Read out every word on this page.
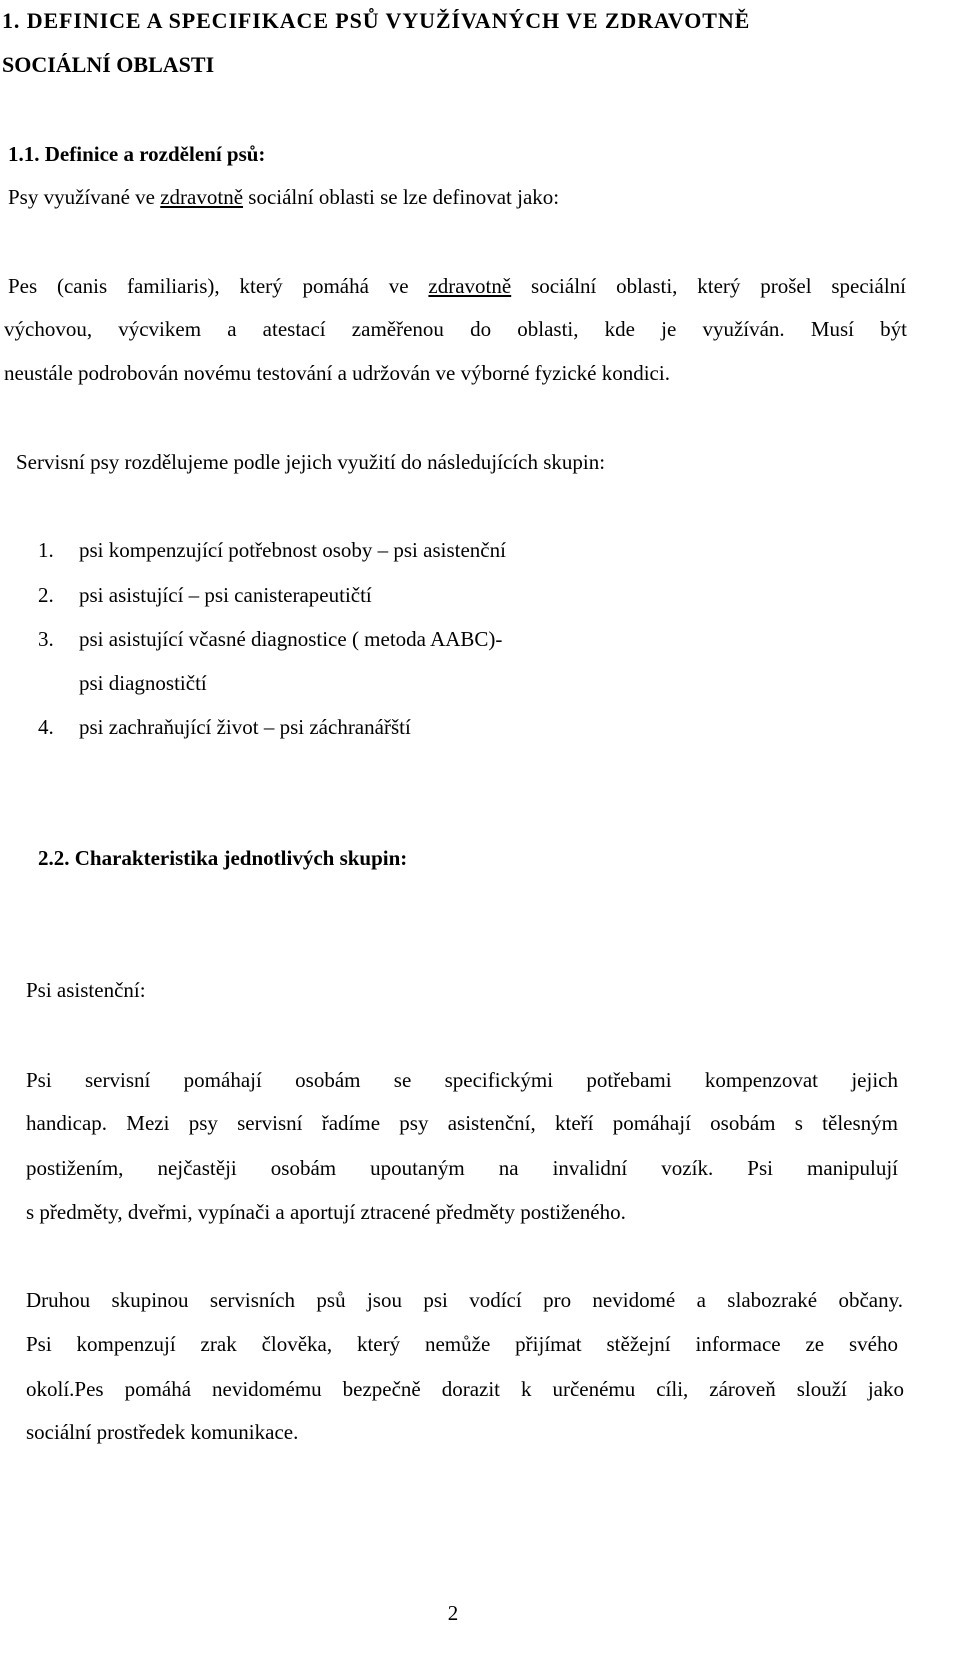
1. DEFINICE A SPECIFIKACE PSŮ VYUŽÍVANÝCH VE ZDRAVOTNĚ
SOCIÁLNÍ OBLASTI
1.1. Definice a rozdělení psů:
Psy využívané ve zdravotně sociální oblasti se lze definovat jako:
Pes (canis familiaris), který pomáhá ve zdravotně sociální oblasti, který prošel speciální
výchovou, výcvikem a atestací zaměřenou do oblasti, kde je využíván. Musí být
neustále podrobován novému testování a udržován ve výborné fyzické kondici.
Servisní psy rozdělujeme podle jejich využití do následujících skupin:
1. psi kompenzující potřebnost osoby – psi asistenční
2. psi asistující – psi canisterapeutičtí
3. psi asistující včasné diagnostice ( metoda AABC)-
psi diagnostičtí
4. psi zachraňující život – psi záchranářští
2.2. Charakteristika jednotlivých skupin:
Psi asistenční:
Psi servisní pomáhají osobám se specifickými potřebami kompenzovat jejich
handicap. Mezi psy servisní řadíme psy asistenční, kteří pomáhají osobám s tělesným
postižením, nejčastěji osobám upoutaným na invalidní vozík. Psi manipulují
s předměty, dveřmi, vypínači a aportují ztracené předměty postiženého.
Druhou skupinou servisních psů jsou psi vodící pro nevidomé a slabozraké občany.
Psi kompenzují zrak člověka, který nemůže přijímat stěžejní informace ze svého
okolí.Pes pomáhá nevidomému bezpečně dorazit k určenému cíli, zároveň slouží jako
sociální prostředek komunikace.
2
